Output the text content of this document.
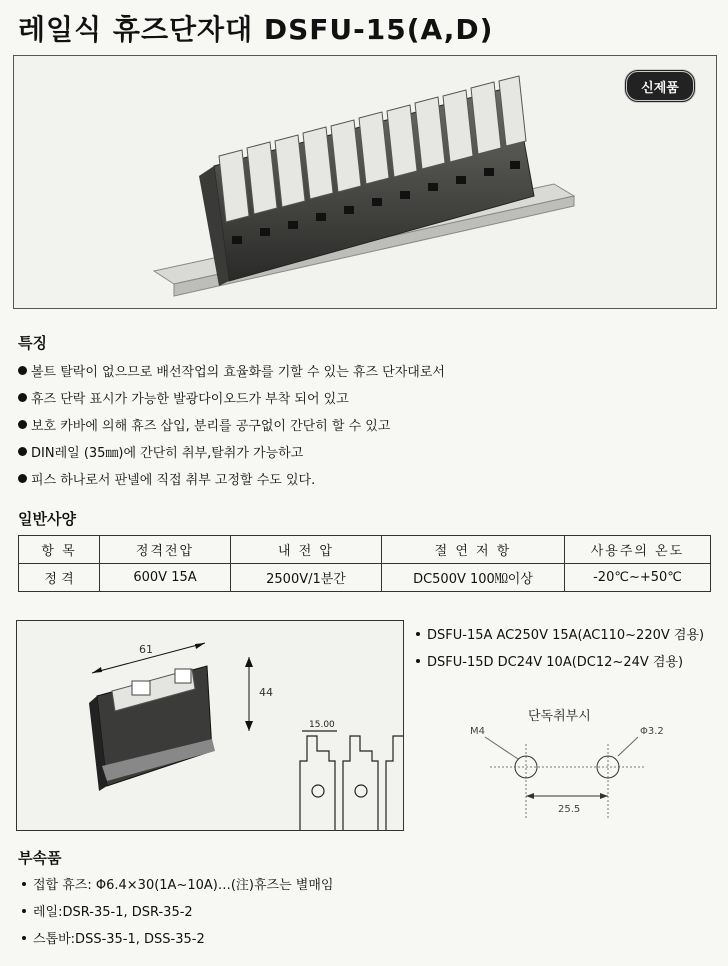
레일식 휴즈단자대 DSFU-15(A,D)
신제품
특징
볼트 탈락이 없으므로 배선작업의 효율화를 기할 수 있는 휴즈 단자대로서
휴즈 단락 표시가 가능한 발광다이오드가 부착 되어 있고
보호 카바에 의해 휴즈 삽입, 분리를 공구없이 간단히 할 수 있고
DIN레일 (35㎜)에 간단히 취부,탈취가 가능하고
피스 하나로서 판넬에 직접 취부 고정할 수도 있다.
일반사양
항 목	정격전압	내 전 압	절 연 저 항	사용주의 온도
정 격	600V 15A	2500V/1분간	DC500V 100㏁이상	-20℃~+50℃
61
44
15.00
DSFU-15A AC250V 15A(AC110~220V 겸용)
DSFU-15D DC24V 10A(DC12~24V 겸용)
단독취부시
M4	Φ3.2
25.5
부속품
접합 휴즈: Φ6.4×30(1A~10A)…(注)휴즈는 별매임
레일:DSR-35-1, DSR-35-2
스톱바:DSS-35-1, DSS-35-2
